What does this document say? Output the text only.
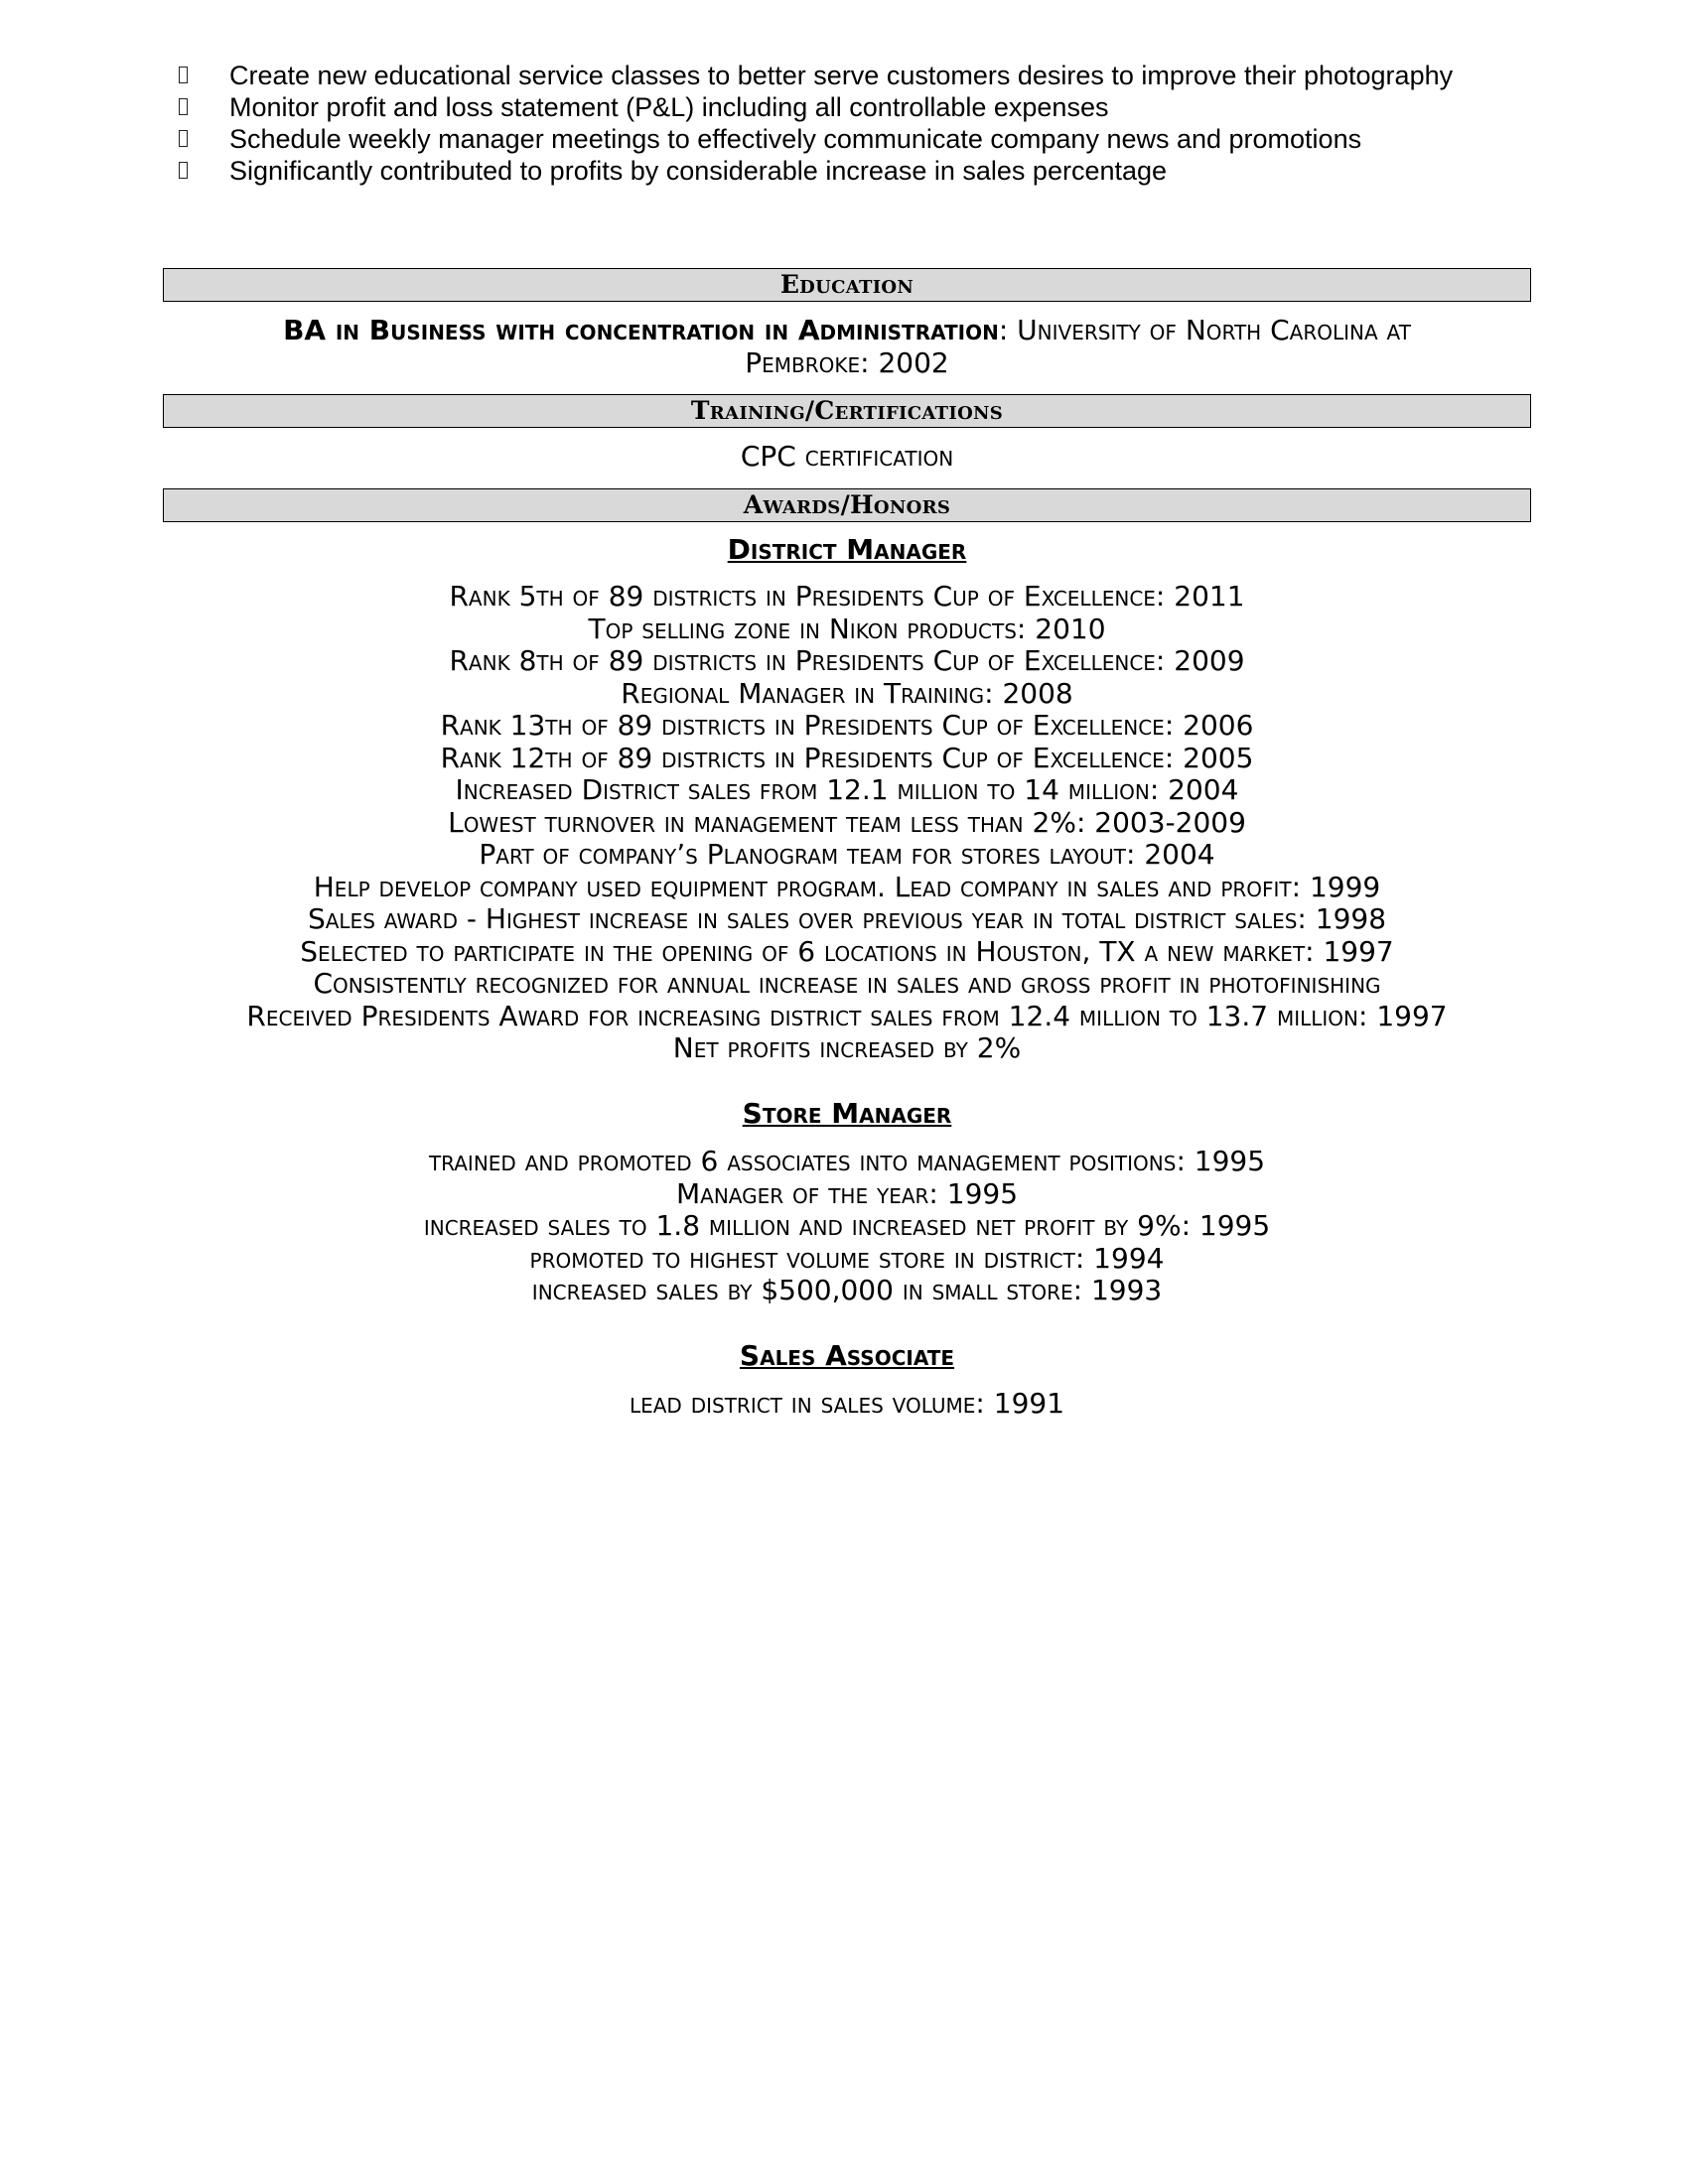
Create new educational service classes to better serve customers desires to improve their photography
Monitor profit and loss statement (P&L) including all controllable expenses
Schedule weekly manager meetings to effectively communicate company news and promotions
Significantly contributed to profits by considerable increase in sales percentage
Education
BA in Business with concentration in Administration: University of North Carolina at
Pembroke: 2002
Training/Certifications
CPC certification
Awards/Honors
District Manager
Rank 5th of 89 districts in Presidents Cup of Excellence: 2011
Top selling zone in Nikon products: 2010
Rank 8th of 89 districts in Presidents Cup of Excellence: 2009
Regional Manager in Training: 2008
Rank 13th of 89 districts in Presidents Cup of Excellence: 2006
Rank 12th of 89 districts in Presidents Cup of Excellence: 2005
Increased District sales from 12.1 million to 14 million: 2004
Lowest turnover in management team less than 2%: 2003-2009
Part of company’s Planogram team for stores layout: 2004
Help develop company used equipment program. Lead company in sales and profit: 1999
Sales award - Highest increase in sales over previous year in total district sales: 1998
Selected to participate in the opening of 6 locations in Houston, TX a new market: 1997
Consistently recognized for annual increase in sales and gross profit in photofinishing
Received Presidents Award for increasing district sales from 12.4 million to 13.7 million: 1997
Net profits increased by 2%
Store Manager
trained and promoted 6 associates into management positions: 1995
Manager of the year: 1995
increased sales to 1.8 million and increased net profit by 9%: 1995
promoted to highest volume store in district: 1994
increased sales by $500,000 in small store: 1993
Sales Associate
lead district in sales volume: 1991
